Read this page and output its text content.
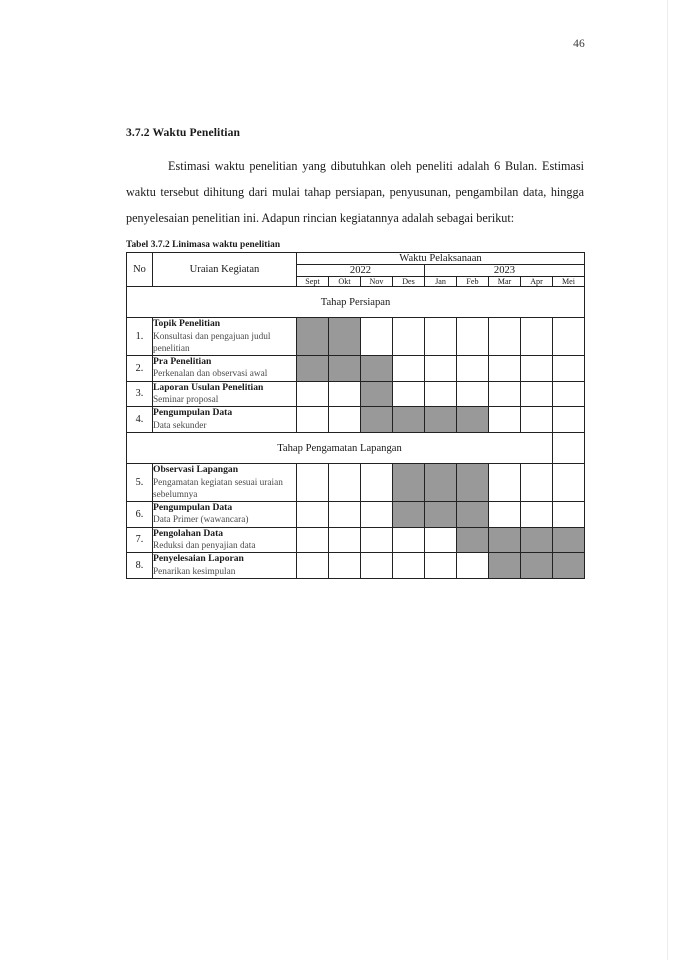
46
3.7.2 Waktu Penelitian

Estimasi waktu penelitian yang dibutuhkan oleh peneliti adalah 6 Bulan. Estimasi waktu tersebut dihitung dari mulai tahap persiapan, penyusunan, pengambilan data, hingga penyelesaian penelitian ini. Adapun rincian kegiatannya adalah sebagai berikut:

Tabel 3.7.2 Linimasa waktu penelitian
No	Uraian Kegiatan	Waktu Pelaksanaan								
		2022				2023				
		Sept	Okt	Nov	Des	Jan	Feb	Mar	Apr	Mei
Tahap Persiapan										
1.	Topik Penelitian
Konsultasi dan pengajuan judul penelitian									

2.	Pra Penelitian
Perkenalan dan observasi awal									

3.	Laporan Usulan Penelitian
Seminar proposal									

4.	Pengumpulan Data
Data sekunder									

Tahap Pengamatan Lapangan										
5.	Observasi Lapangan
Pengamatan kegiatan sesuai uraian sebelumnya									

6.	Pengumpulan Data
Data Primer (wawancara)									

7.	Pengolahan Data
Reduksi dan penyajian data									

8.	Penyelesaian Laporan
Penarikan kesimpulan									
